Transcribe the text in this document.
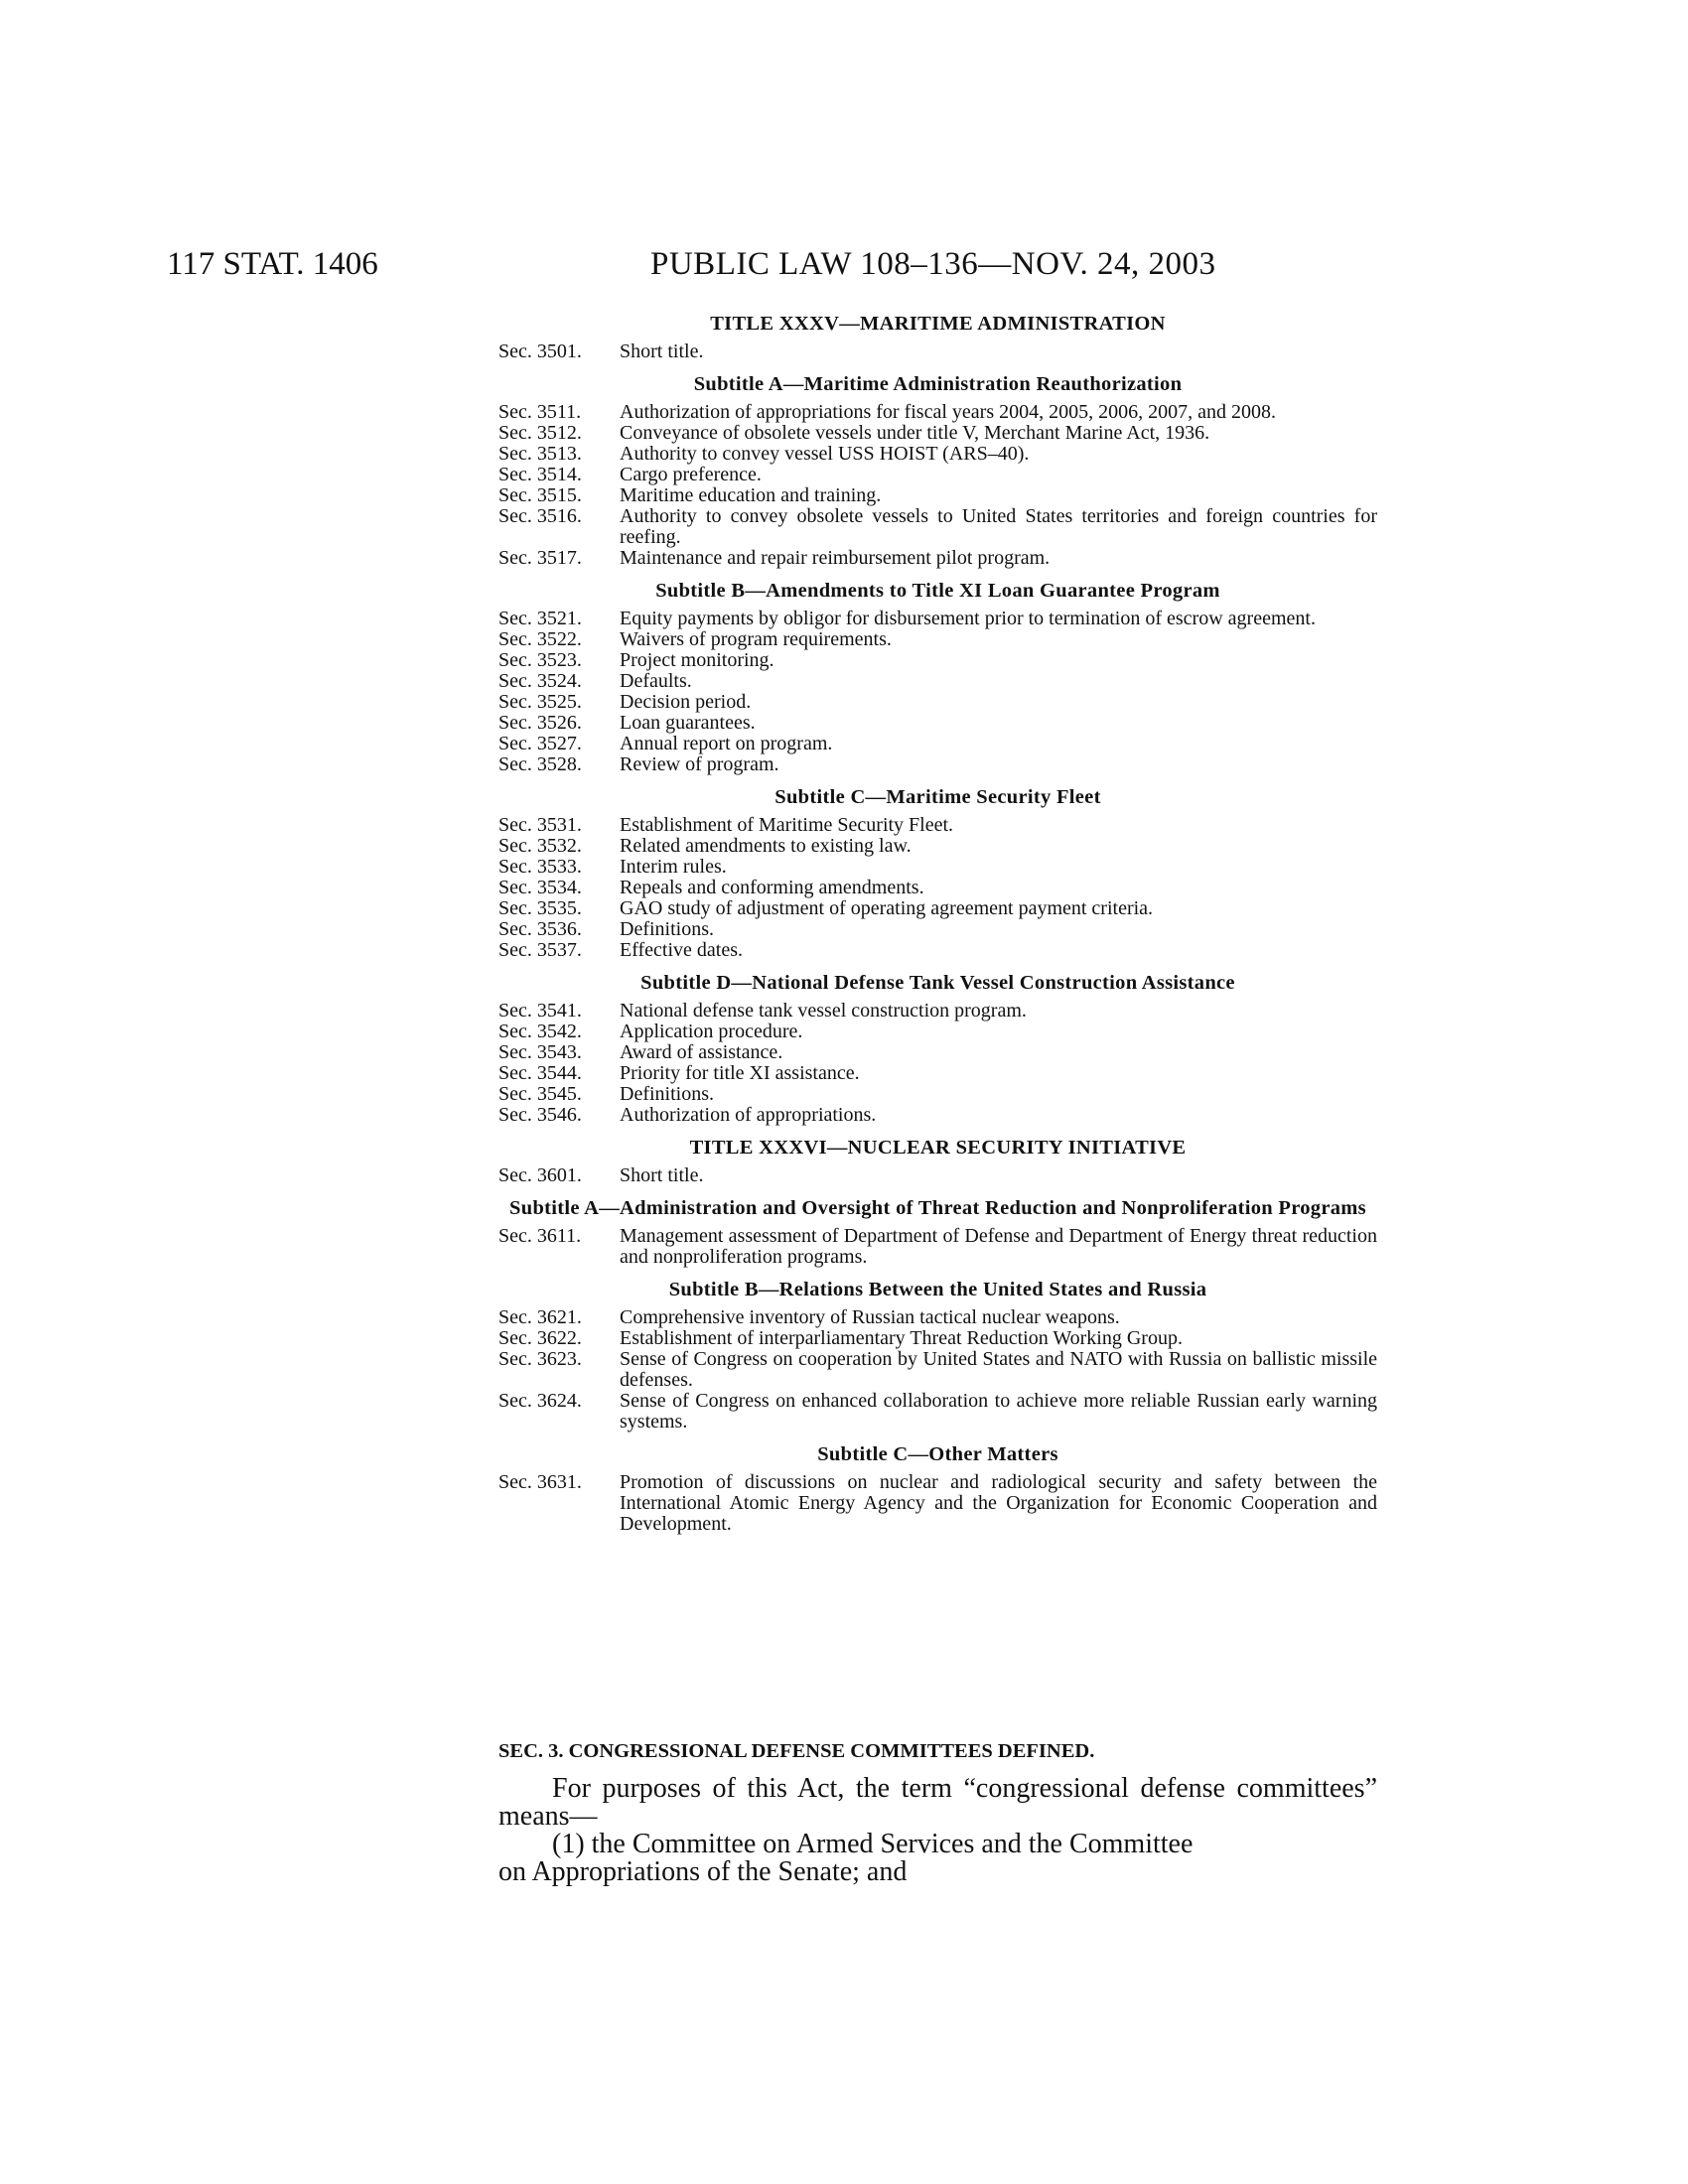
117 STAT. 1406	PUBLIC LAW 108–136—NOV. 24, 2003
TITLE XXXV—MARITIME ADMINISTRATION
Sec. 3501.	Short title.
Subtitle A—Maritime Administration Reauthorization
Sec. 3511.	Authorization of appropriations for fiscal years 2004, 2005, 2006, 2007, and 2008.
Sec. 3512.	Conveyance of obsolete vessels under title V, Merchant Marine Act, 1936.
Sec. 3513.	Authority to convey vessel USS HOIST (ARS–40).
Sec. 3514.	Cargo preference.
Sec. 3515.	Maritime education and training.
Sec. 3516.	Authority to convey obsolete vessels to United States territories and foreign countries for reefing.
Sec. 3517.	Maintenance and repair reimbursement pilot program.
Subtitle B—Amendments to Title XI Loan Guarantee Program
Sec. 3521.	Equity payments by obligor for disbursement prior to termination of escrow agreement.
Sec. 3522.	Waivers of program requirements.
Sec. 3523.	Project monitoring.
Sec. 3524.	Defaults.
Sec. 3525.	Decision period.
Sec. 3526.	Loan guarantees.
Sec. 3527.	Annual report on program.
Sec. 3528.	Review of program.
Subtitle C—Maritime Security Fleet
Sec. 3531.	Establishment of Maritime Security Fleet.
Sec. 3532.	Related amendments to existing law.
Sec. 3533.	Interim rules.
Sec. 3534.	Repeals and conforming amendments.
Sec. 3535.	GAO study of adjustment of operating agreement payment criteria.
Sec. 3536.	Definitions.
Sec. 3537.	Effective dates.
Subtitle D—National Defense Tank Vessel Construction Assistance
Sec. 3541.	National defense tank vessel construction program.
Sec. 3542.	Application procedure.
Sec. 3543.	Award of assistance.
Sec. 3544.	Priority for title XI assistance.
Sec. 3545.	Definitions.
Sec. 3546.	Authorization of appropriations.
TITLE XXXVI—NUCLEAR SECURITY INITIATIVE
Sec. 3601.	Short title.
Subtitle A—Administration and Oversight of Threat Reduction and Nonproliferation Programs
Sec. 3611.	Management assessment of Department of Defense and Department of Energy threat reduction and nonproliferation programs.
Subtitle B—Relations Between the United States and Russia
Sec. 3621.	Comprehensive inventory of Russian tactical nuclear weapons.
Sec. 3622.	Establishment of interparliamentary Threat Reduction Working Group.
Sec. 3623.	Sense of Congress on cooperation by United States and NATO with Russia on ballistic missile defenses.
Sec. 3624.	Sense of Congress on enhanced collaboration to achieve more reliable Russian early warning systems.
Subtitle C—Other Matters
Sec. 3631.	Promotion of discussions on nuclear and radiological security and safety between the International Atomic Energy Agency and the Organization for Economic Cooperation and Development.
SEC. 3. CONGRESSIONAL DEFENSE COMMITTEES DEFINED.
For purposes of this Act, the term “congressional defense committees” means—
(1) the Committee on Armed Services and the Committee
on Appropriations of the Senate; and
